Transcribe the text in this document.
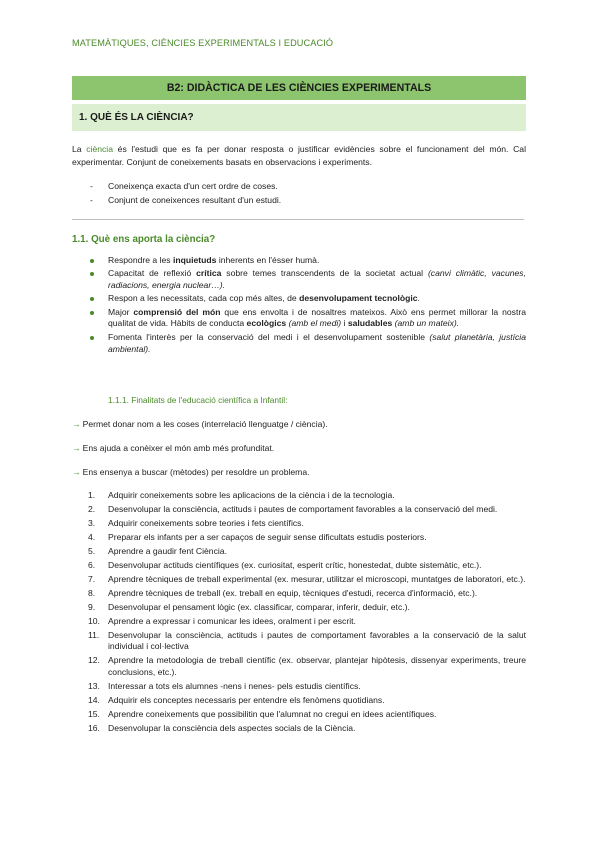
MATEMÀTIQUES, CIÈNCIES EXPERIMENTALS I EDUCACIÓ
B2: DIDÀCTICA DE LES CIÈNCIES EXPERIMENTALS
1. QUÈ ÉS LA CIÈNCIA?
La ciència és l'estudi que es fa per donar resposta o justificar evidències sobre el funcionament del món. Cal experimentar. Conjunt de coneixements basats en observacions i experiments.
- Coneixença exacta d'un cert ordre de coses.
- Conjunt de coneixences resultant d'un estudi.
1.1. Què ens aporta la ciència?
Respondre a les inquietuds inherents en l'ésser humà.
Capacitat de reflexió crítica sobre temes transcendents de la societat actual (canvi climàtic, vacunes, radiacions, energia nuclear…).
Respon a les necessitats, cada cop més altes, de desenvolupament tecnològic.
Major comprensió del món que ens envolta i de nosaltres mateixos. Això ens permet millorar la nostra qualitat de vida. Hàbits de conducta ecològics (amb el medi) i saludables (amb un mateix).
Fomenta l'interès per la conservació del medi i el desenvolupament sostenible (salut planetària, justícia ambiental).
1.1.1. Finalitats de l'educació científica a Infantil:
→ Permet donar nom a les coses (interrelació llenguatge / ciència).
→ Ens ajuda a conèixer el món amb més profunditat.
→ Ens ensenya a buscar (mètodes) per resoldre un problema.
1.	Adquirir coneixements sobre les aplicacions de la ciència i de la tecnologia.
2.	Desenvolupar la consciència, actituds i pautes de comportament favorables a la conservació del medi.
3.	Adquirir coneixements sobre teories i fets científics.
4.	Preparar els infants per a ser capaços de seguir sense dificultats estudis posteriors.
5.	Aprendre a gaudir fent Ciència.
6.	Desenvolupar actituds científiques (ex. curiositat, esperit crític, honestedat, dubte sistemàtic, etc.).
7.	Aprendre tècniques de treball experimental (ex. mesurar, utilitzar el microscopi, muntatges de laboratori, etc.).
8.	Aprendre tècniques de treball (ex. treball en equip, tècniques d'estudi, recerca d'informació, etc.).
9.	Desenvolupar el pensament lògic (ex. classificar, comparar, inferir, deduir, etc.).
10. Aprendre a expressar i comunicar les idees, oralment i per escrit.
11.	Desenvolupar la consciència, actituds i pautes de comportament favorables a la conservació de la salut individual i col·lectiva
12. Aprendre la metodologia de treball científic (ex. observar, plantejar hipòtesis, dissenyar experiments, treure conclusions, etc.).
13. Interessar a tots els alumnes -nens i nenes- pels estudis científics.
14. Adquirir els conceptes necessaris per entendre els fenòmens quotidians.
15. Aprendre coneixements que possibilitin que l'alumnat no cregui en idees acientífiques.
16. Desenvolupar la consciència dels aspectes socials de la Ciència.
